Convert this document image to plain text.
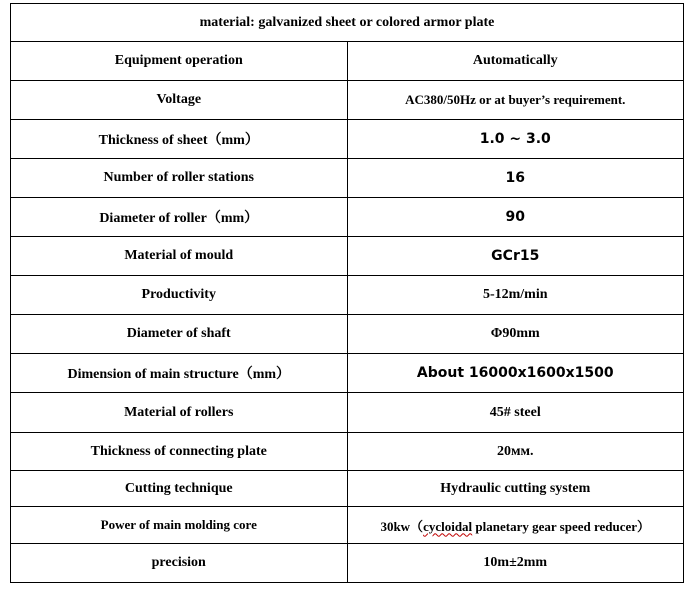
material: galvanized sheet or colored armor plate	
Equipment operation	Automatically
Voltage	AC380/50Hz or at buyer’s requirement.
Thickness of sheet（mm）	1.0 ~ 3.0
Number of roller stations	16
Diameter of roller（mm）	90
Material of mould	GCr15
Productivity	5-12m/min
Diameter of shaft	Φ90mm
Dimension of main structure（mm）	About 16000x1600x1500
Material of rollers	45# steel
Thickness of connecting plate	20мм.
Cutting technique	Hydraulic cutting system
Power of main molding core	30kw（cycloidal planetary gear speed reducer）
precision	10m±2mm
